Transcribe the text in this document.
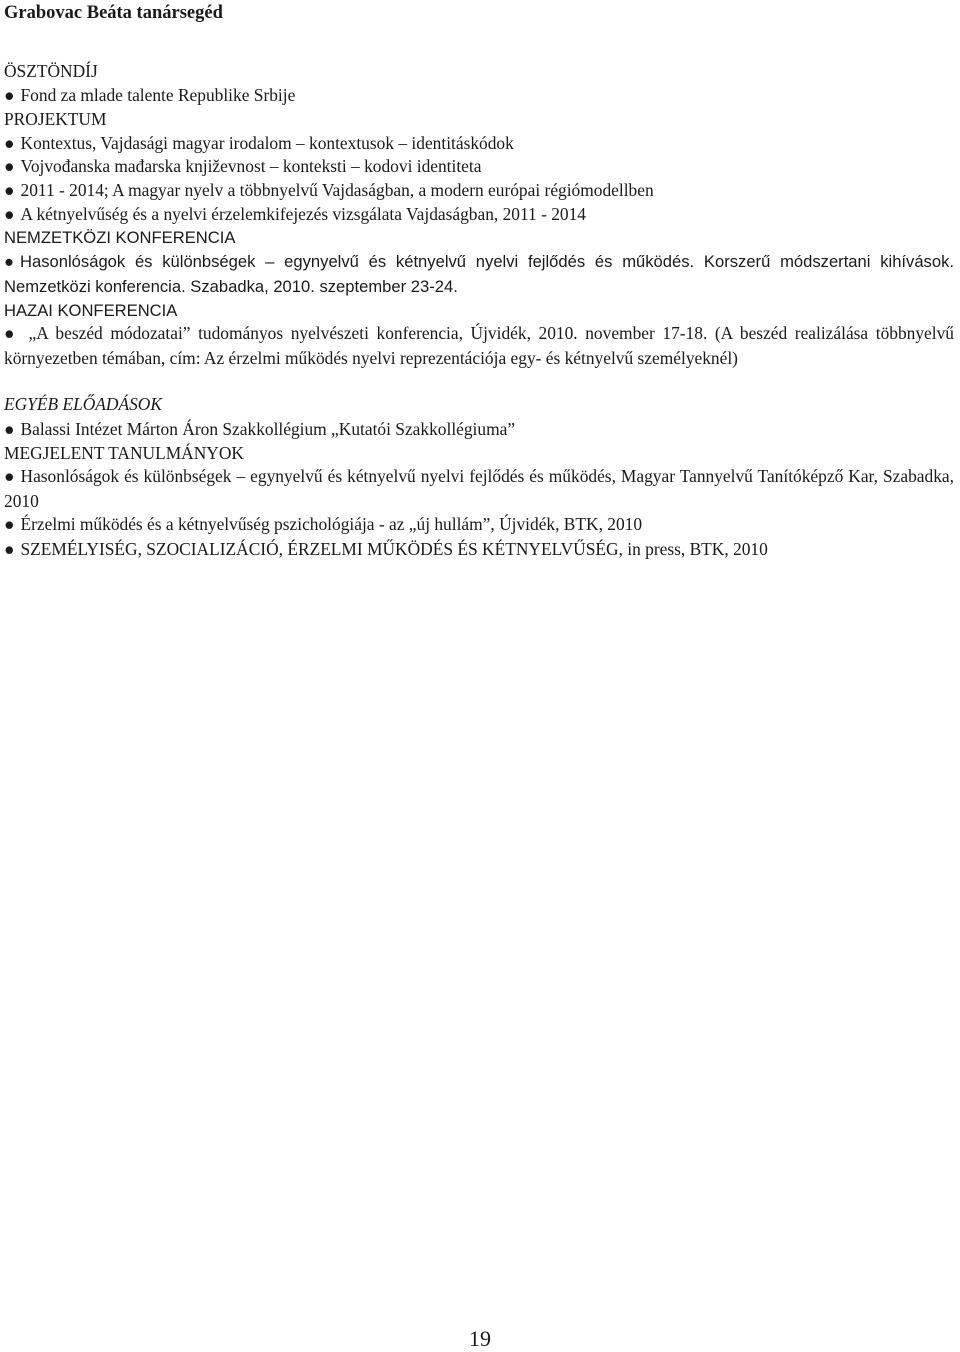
Grabovac Beáta tanársegéd
ÖSZTÖNDÍJ
● Fond za mlade talente Republike Srbije
PROJEKTUM
● Kontextus, Vajdasági magyar irodalom – kontextusok – identitáskódok
● Vojvođanska mađarska književnost – konteksti – kodovi identiteta
● 2011 - 2014; A magyar nyelv a többnyelvű Vajdaságban, a modern európai régiómodellben
● A kétnyelvűség és a nyelvi érzelemkifejezés vizsgálata Vajdaságban, 2011 - 2014
NEMZETKÖZI KONFERENCIA
● Hasonlóságok és különbségek – egynyelvű és kétnyelvű nyelvi fejlődés és működés. Korszerű módszertani kihívások. Nemzetközi konferencia. Szabadka, 2010. szeptember 23-24.
HAZAI KONFERENCIA
● „A beszéd módozatai” tudományos nyelvészeti konferencia, Újvidék, 2010. november 17-18. (A beszéd realizálása többnyelvű környezetben témában, cím: Az érzelmi működés nyelvi reprezentációja egy- és kétnyelvű személyeknél)
EGYÉB ELŐADÁSOK
● Balassi Intézet Márton Áron Szakkollégium „Kutatói Szakkollégiuma”
MEGJELENT TANULMÁNYOK
● Hasonlóságok és különbségek – egynyelvű és kétnyelvű nyelvi fejlődés és működés, Magyar Tannyelvű Tanítóképző Kar, Szabadka, 2010
● Érzelmi működés és a kétnyelvűség pszichológiája - az „új hullám”, Újvidék, BTK, 2010
● SZEMÉLYISÉG, SZOCIALIZÁCIÓ, ÉRZELMI MŰKÖDÉS ÉS KÉTNYELVŰSÉG, in press, BTK, 2010
19
